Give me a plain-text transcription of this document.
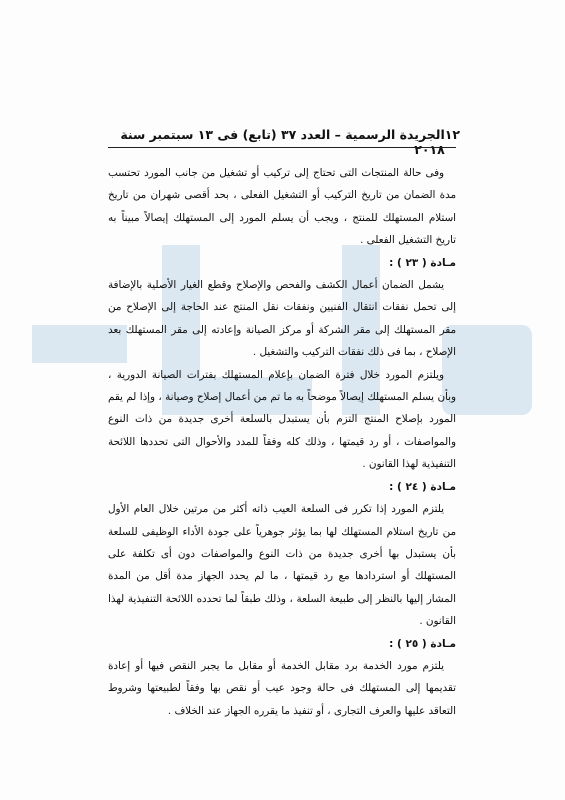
١٢
الجريدة الرسمية – العدد ٣٧ (تابع) فى ١٣ سبتمبر سنة ٢٠١٨

وفى حالة المنتجات التى تحتاج إلى تركيب أو تشغيل من جانب المورد تحتسب مدة الضمان من تاريخ التركيب أو التشغيل الفعلى ، بحد أقصى شهران من تاريخ استلام المستهلك للمنتج ، ويجب أن يسلم المورد إلى المستهلك إيصالاً مبيناً به تاريخ التشغيل الفعلى .

مـادة ( ٢٣ ) :

يشمل الضمان أعمال الكشف والفحص والإصلاح وقطع الغيار الأصلية بالإضافة إلى تحمل نفقات انتقال الفنيين ونفقات نقل المنتج عند الحاجة إلى الإصلاح من مقر المستهلك إلى مقر الشركة أو مركز الصيانة وإعادته إلى مقر المستهلك بعد الإصلاح ، بما فى ذلك نفقات التركيب والتشغيل .

ويلتزم المورد خلال فترة الضمان بإعلام المستهلك بفترات الصيانة الدورية ، وبأن يسلم المستهلك إيصالاً موضحاً به ما تم من أعمال إصلاح وصيانة ، وإذا لم يقم المورد بإصلاح المنتج التزم بأن يستبدل بالسلعة أخرى جديدة من ذات النوع والمواصفات ، أو رد قيمتها ، وذلك كله وفقاً للمدد والأحوال التى تحددها اللائحة التنفيذية لهذا القانون .

مـادة ( ٢٤ ) :

يلتزم المورد إذا تكرر فى السلعة العيب ذاته أكثر من مرتين خلال العام الأول من تاريخ استلام المستهلك لها بما يؤثر جوهرياً على جودة الأداء الوظيفى للسلعة بأن يستبدل بها أخرى جديدة من ذات النوع والمواصفات دون أى تكلفة على المستهلك أو استردادها مع رد قيمتها ، ما لم يحدد الجهاز مدة أقل من المدة المشار إليها بالنظر إلى طبيعة السلعة ، وذلك طبقاً لما تحدده اللائحة التنفيذية لهذا القانون .

مـادة ( ٢٥ ) :

يلتزم مورد الخدمة برد مقابل الخدمة أو مقابل ما يجبر النقص فيها أو إعادة تقديمها إلى المستهلك فى حالة وجود عيب أو نقص بها وفقاً لطبيعتها وشروط التعاقد عليها والعرف التجارى ، أو تنفيذ ما يقرره الجهاز عند الخلاف .
